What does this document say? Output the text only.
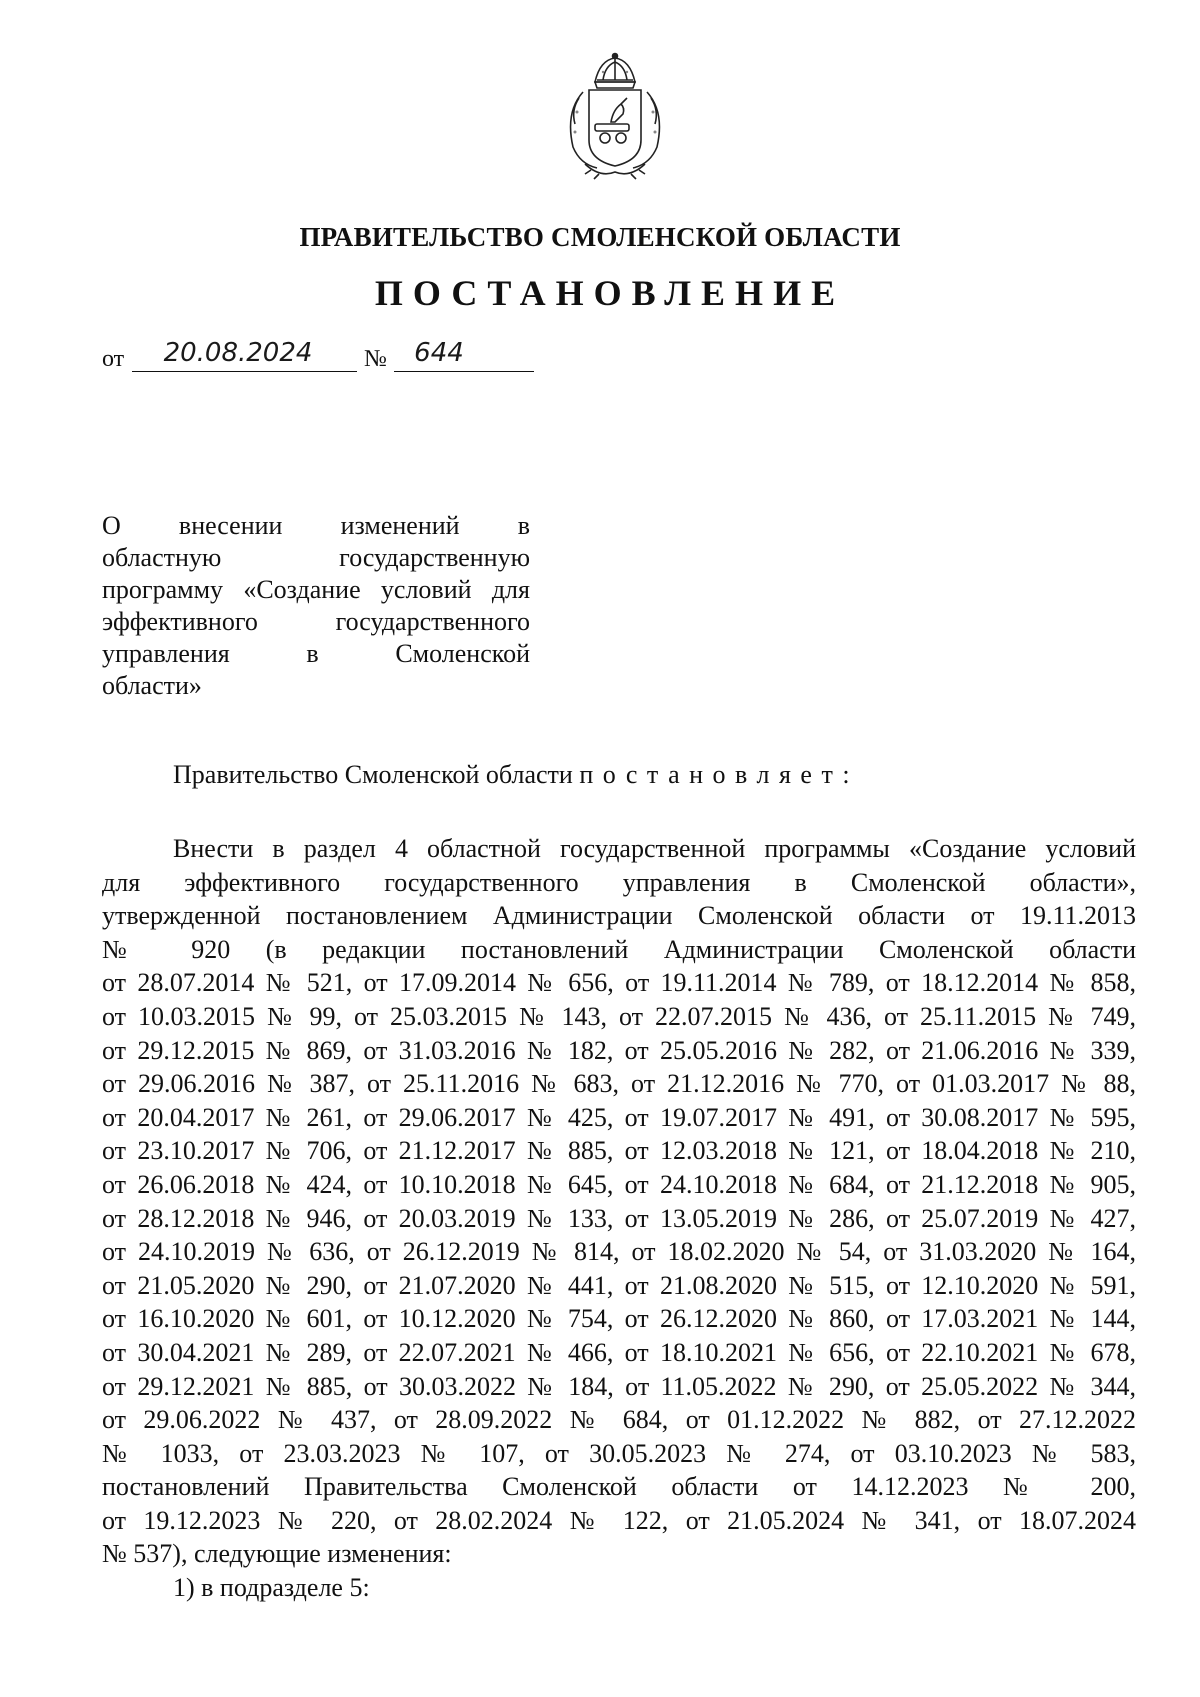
ПРАВИТЕЛЬСТВО СМОЛЕНСКОЙ ОБЛАСТИ
ПОСТАНОВЛЕНИЕ
от	20.08.2024	№	644
О внесении изменений в
областную государственную
программу «Создание условий для
эффективного государственного
управления в Смоленской
области»
Правительство Смоленской области постановляет:
Внести в раздел 4 областной государственной программы «Создание условий
для эффективного государственного управления в Смоленской области»,
утвержденной постановлением Администрации Смоленской области от 19.11.2013
№ 920 (в редакции постановлений Администрации Смоленской области
от 28.07.2014 № 521, от 17.09.2014 № 656, от 19.11.2014 № 789, от 18.12.2014 № 858,
от 10.03.2015 № 99, от 25.03.2015 № 143, от 22.07.2015 № 436, от 25.11.2015 № 749,
от 29.12.2015 № 869, от 31.03.2016 № 182, от 25.05.2016 № 282, от 21.06.2016 № 339,
от 29.06.2016 № 387, от 25.11.2016 № 683, от 21.12.2016 № 770, от 01.03.2017 № 88,
от 20.04.2017 № 261, от 29.06.2017 № 425, от 19.07.2017 № 491, от 30.08.2017 № 595,
от 23.10.2017 № 706, от 21.12.2017 № 885, от 12.03.2018 № 121, от 18.04.2018 № 210,
от 26.06.2018 № 424, от 10.10.2018 № 645, от 24.10.2018 № 684, от 21.12.2018 № 905,
от 28.12.2018 № 946, от 20.03.2019 № 133, от 13.05.2019 № 286, от 25.07.2019 № 427,
от 24.10.2019 № 636, от 26.12.2019 № 814, от 18.02.2020 № 54, от 31.03.2020 № 164,
от 21.05.2020 № 290, от 21.07.2020 № 441, от 21.08.2020 № 515, от 12.10.2020 № 591,
от 16.10.2020 № 601, от 10.12.2020 № 754, от 26.12.2020 № 860, от 17.03.2021 № 144,
от 30.04.2021 № 289, от 22.07.2021 № 466, от 18.10.2021 № 656, от 22.10.2021 № 678,
от 29.12.2021 № 885, от 30.03.2022 № 184, от 11.05.2022 № 290, от 25.05.2022 № 344,
от 29.06.2022 № 437, от 28.09.2022 № 684, от 01.12.2022 № 882, от 27.12.2022
№ 1033, от 23.03.2023 № 107, от 30.05.2023 № 274, от 03.10.2023 № 583,
постановлений Правительства Смоленской области от 14.12.2023 № 200,
от 19.12.2023 № 220, от 28.02.2024 № 122, от 21.05.2024 № 341, от 18.07.2024
№ 537), следующие изменения:
1) в подразделе 5:
